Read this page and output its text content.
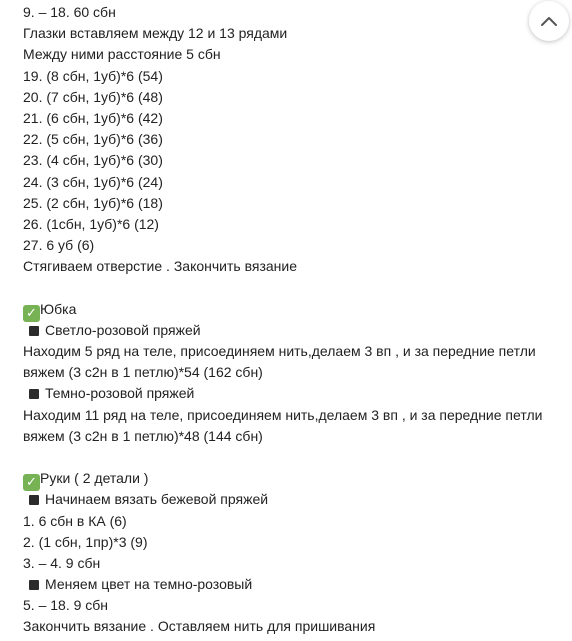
9. – 18. 60 сбн
Глазки вставляем между 12 и 13 рядами
Между ними расстояние 5 сбн
19. (8 сбн, 1уб)*6 (54)
20. (7 сбн, 1уб)*6 (48)
21. (6 сбн, 1уб)*6 (42)
22. (5 сбн, 1уб)*6 (36)
23. (4 сбн, 1уб)*6 (30)
24. (3 сбн, 1уб)*6 (24)
25. (2 сбн, 1уб)*6 (18)
26. (1сбн, 1уб)*6 (12)
27. 6 уб (6)
Стягиваем отверстие . Закончить вязание
✓ Юбка
Светло-розовой пряжей
Находим 5 ряд на теле, присоединяем нить,делаем 3 вп , и за передние петли
вяжем (3 с2н в 1 петлю)*54 (162 сбн)
Темно-розовой пряжей
Находим 11 ряд на теле, присоединяем нить,делаем 3 вп , и за передние петли
вяжем (3 с2н в 1 петлю)*48 (144 сбн)
✓ Руки ( 2 детали )
Начинаем вязать бежевой пряжей
1. 6 сбн в КА (6)
2. (1 сбн, 1пр)*3 (9)
3. – 4. 9 сбн
Меняем цвет на темно-розовый
5. – 18. 9 сбн
Закончить вязание . Оставляем нить для пришивания
